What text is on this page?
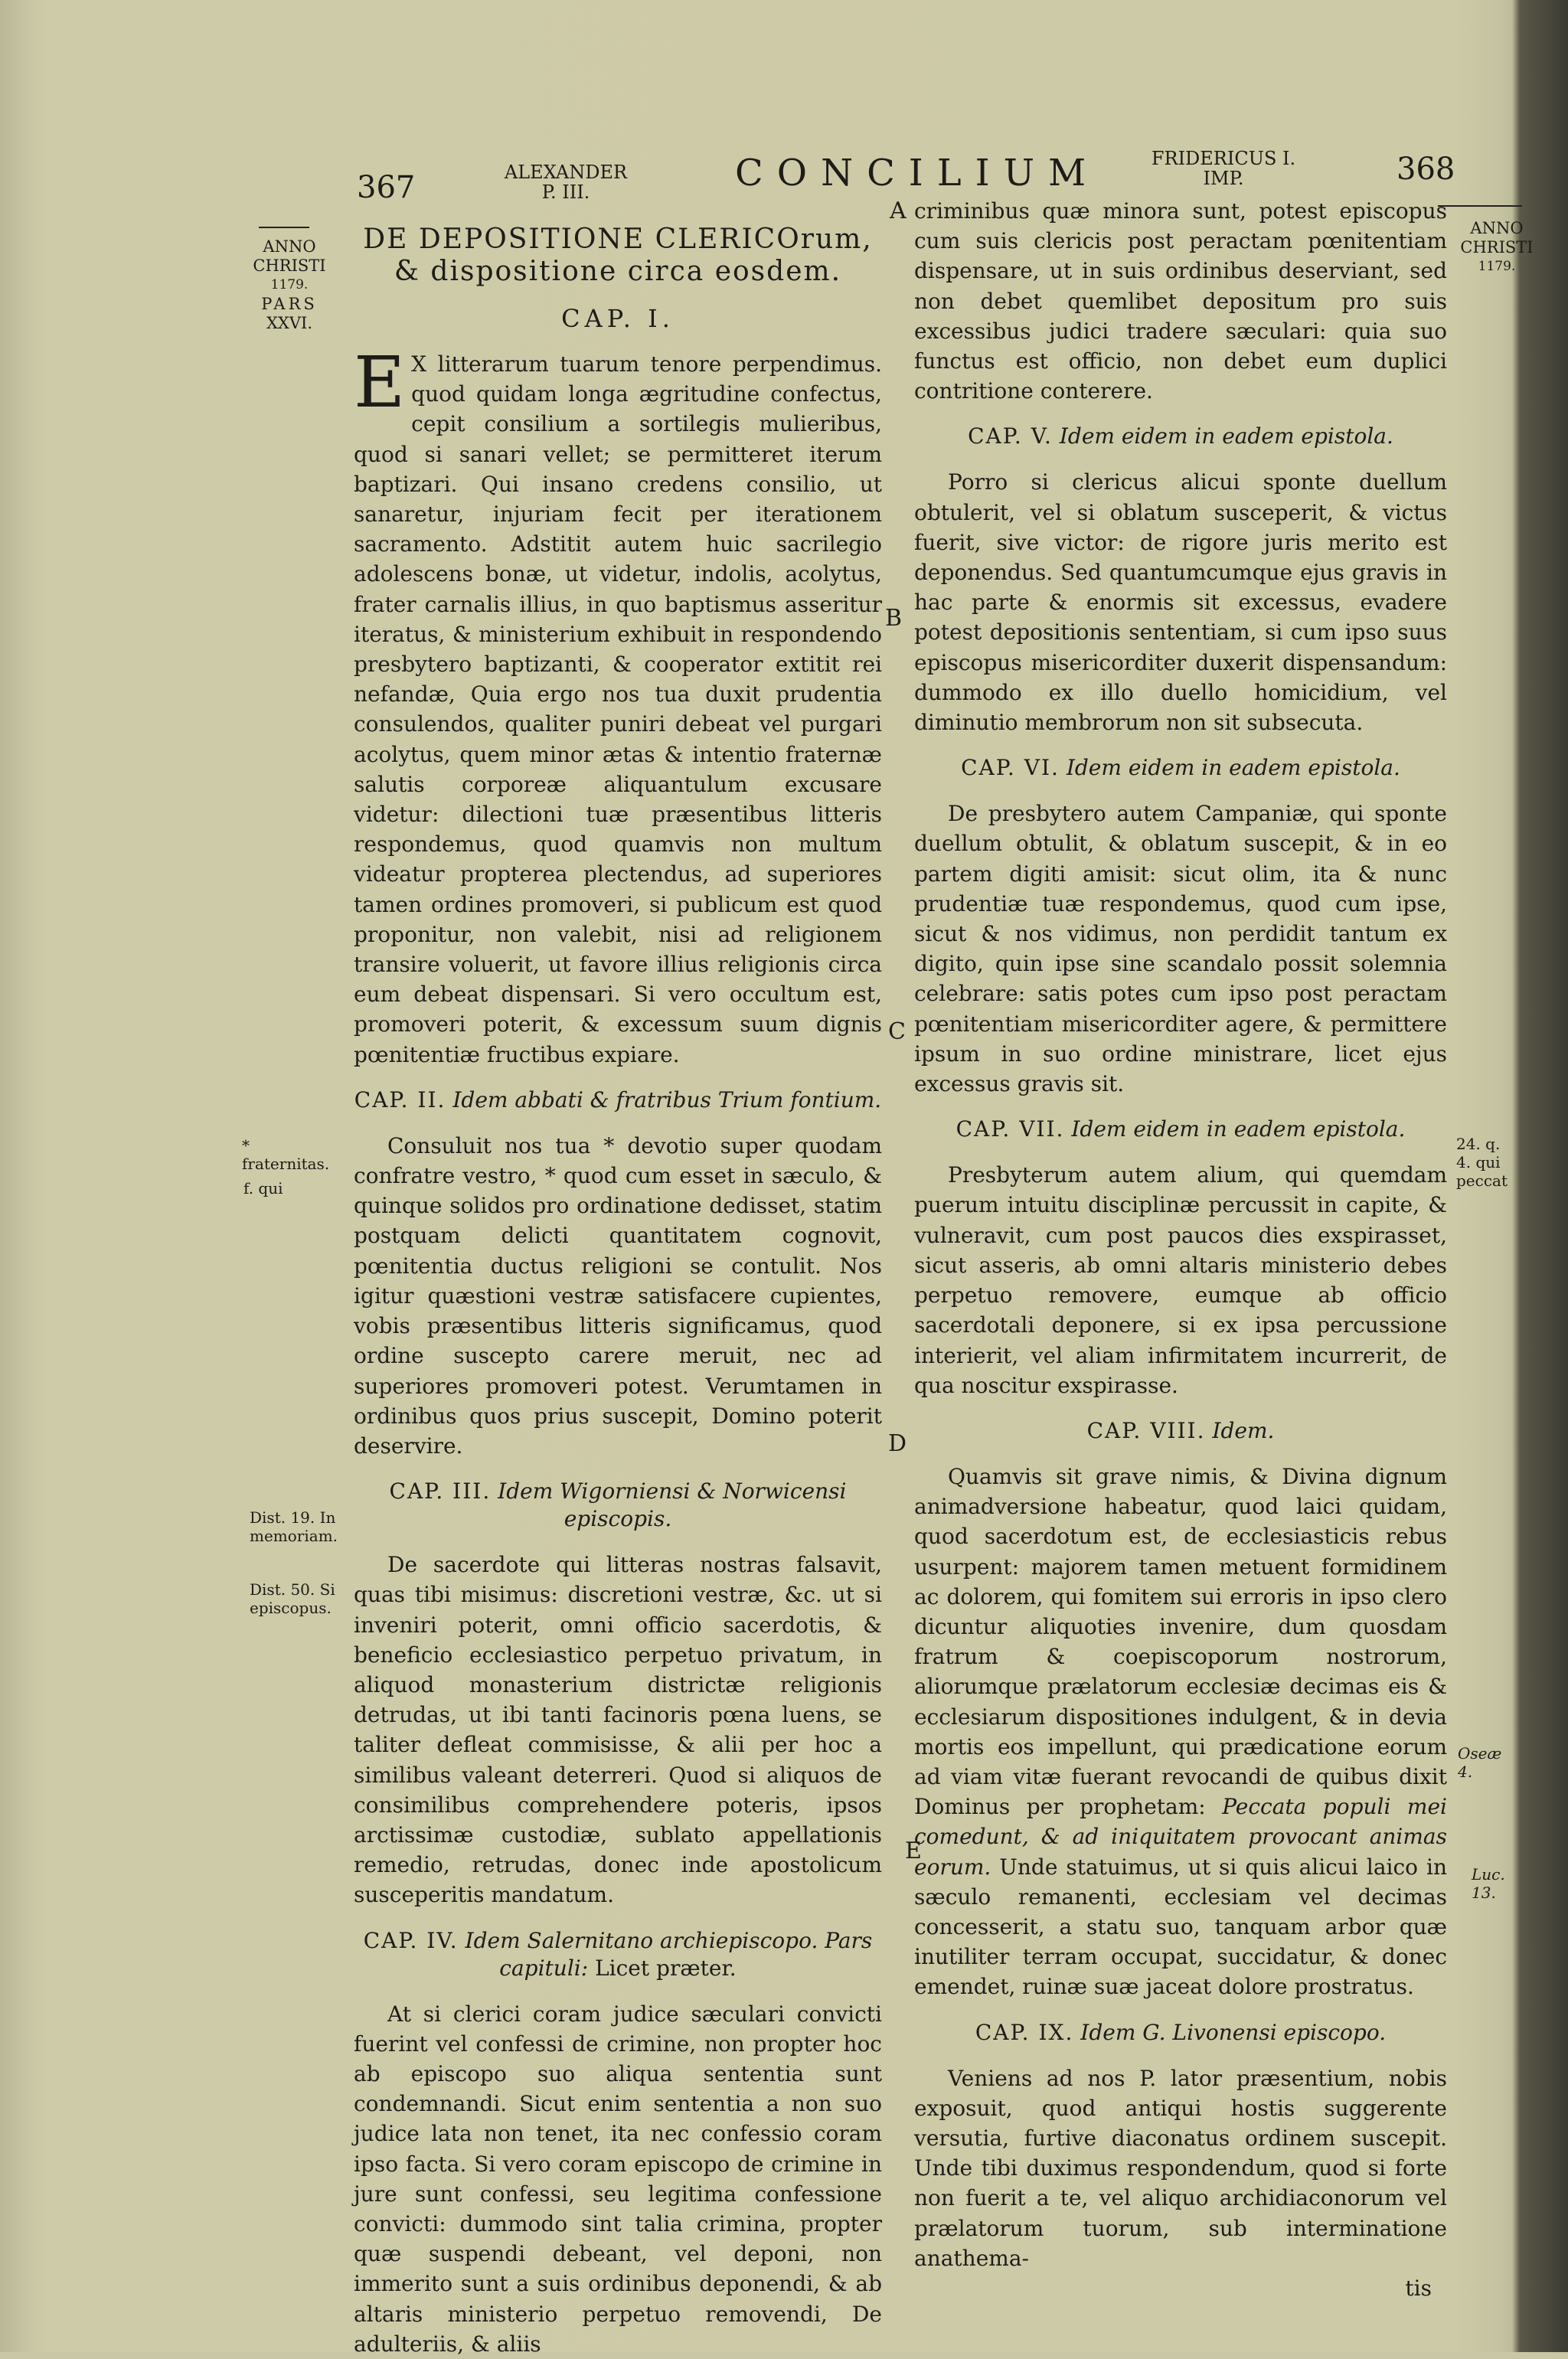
367	ALEXANDER
P. III.	CONCILIUM	FRIDERICUS I.
IMP.	368
ANNO
CHRISTI
1179.
PARS
XXVI.
ANNO
CHRISTI
1179.

DE DEPOSITIONE CLERICOrum, & dispositione circa eosdem.

CAP. I.

E X litterarum tuarum tenore perpendimus. quod quidam longa ægritudine confectus, cepit consilium a sortilegis mulieribus, quod si sanari vellet; se permitteret iterum baptizari. Qui insano credens consilio, ut sanaretur, injuriam fecit per iterationem sacramento. Adstitit autem huic sacrilegio adolescens bonæ, ut videtur, indolis, acolytus, frater carnalis illius, in quo baptismus asseritur iteratus, & ministerium exhibuit in respondendo presbytero baptizanti, & cooperator extitit rei nefandæ, Quia ergo nos tua duxit prudentia consulendos, qualiter puniri debeat vel purgari acolytus, quem minor ætas & intentio fraternæ salutis corporeæ aliquantulum excusare videtur: dilectioni tuæ præsentibus litteris respondemus, quod quamvis non multum videatur propterea plectendus, ad superiores tamen ordines promoveri, si publicum est quod proponitur, non valebit, nisi ad religionem transire voluerit, ut favore illius religionis circa eum debeat dispensari. Si vero occultum est, promoveri poterit, & excessum suum dignis pœnitentiæ fructibus expiare.

CAP. II. Idem abbati & fratribus Trium fontium.

Consuluit nos tua * devotio super quodam confratre vestro, * quod cum esset in sæculo, & quinque solidos pro ordinatione dedisset, statim postquam delicti quantitatem cognovit, pœnitentia ductus religioni se contulit. Nos igitur quæstioni vestræ satisfacere cupientes, vobis præsentibus litteris significamus, quod ordine suscepto carere meruit, nec ad superiores promoveri potest. Verumtamen in ordinibus quos prius suscepit, Domino poterit deservire.

CAP. III. Idem Wigorniensi & Norwicensi episcopis.

De sacerdote qui litteras nostras falsavit, quas tibi misimus: discretioni vestræ, &c. ut si inveniri poterit, omni officio sacerdotis, & beneficio ecclesiastico perpetuo privatum, in aliquod monasterium districtæ religionis detrudas, ut ibi tanti facinoris pœna luens, se taliter defleat commisisse, & alii per hoc a similibus valeant deterreri. Quod si aliquos de consimilibus comprehendere poteris, ipsos arctissimæ custodiæ, sublato appellationis remedio, retrudas, donec inde apostolicum susceperitis mandatum.

CAP. IV. Idem Salernitano archiepiscopo. Pars capituli: Licet præter.

At si clerici coram judice sæculari convicti fuerint vel confessi de crimine, non propter hoc ab episcopo suo aliqua sententia sunt condemnandi. Sicut enim sententia a non suo judice lata non tenet, ita nec confessio coram ipso facta. Si vero coram episcopo de crimine in jure sunt confessi, seu legitima confessione convicti: dummodo sint talia crimina, propter quæ suspendi debeant, vel deponi, non immerito sunt a suis ordinibus deponendi, & ab altaris ministerio perpetuo removendi, De adulteriis, & aliis

* fraternitas.
f. qui
Dist. 19. In memoriam.
Dist. 50. Si episcopus.
A
B
C
D
E

criminibus quæ minora sunt, potest episcopus cum suis clericis post peractam pœnitentiam dispensare, ut in suis ordinibus deserviant, sed non debet quemlibet depositum pro suis excessibus judici tradere sæculari: quia suo functus est officio, non debet eum duplici contritione conterere.

CAP. V. Idem eidem in eadem epistola.

Porro si clericus alicui sponte duellum obtulerit, vel si oblatum susceperit, & victus fuerit, sive victor: de rigore juris merito est deponendus. Sed quantumcumque ejus gravis in hac parte & enormis sit excessus, evadere potest depositionis sententiam, si cum ipso suus episcopus misericorditer duxerit dispensandum: dummodo ex illo duello homicidium, vel diminutio membrorum non sit subsecuta.

CAP. VI. Idem eidem in eadem epistola.

De presbytero autem Campaniæ, qui sponte duellum obtulit, & oblatum suscepit, & in eo partem digiti amisit: sicut olim, ita & nunc prudentiæ tuæ respondemus, quod cum ipse, sicut & nos vidimus, non perdidit tantum ex digito, quin ipse sine scandalo possit solemnia celebrare: satis potes cum ipso post peractam pœnitentiam misericorditer agere, & permittere ipsum in suo ordine ministrare, licet ejus excessus gravis sit.

CAP. VII. Idem eidem in eadem epistola.

Presbyterum autem alium, qui quemdam puerum intuitu disciplinæ percussit in capite, & vulneravit, cum post paucos dies exspirasset, sicut asseris, ab omni altaris ministerio debes perpetuo removere, eumque ab officio sacerdotali deponere, si ex ipsa percussione interierit, vel aliam infirmitatem incurrerit, de qua noscitur exspirasse.

CAP. VIII. Idem.

Quamvis sit grave nimis, & Divina dignum animadversione habeatur, quod laici quidam, quod sacerdotum est, de ecclesiasticis rebus usurpent: majorem tamen metuent formidinem ac dolorem, qui fomitem sui erroris in ipso clero dicuntur aliquoties invenire, dum quosdam fratrum & coepiscoporum nostrorum, aliorumque prælatorum ecclesiæ decimas eis & ecclesiarum dispositiones indulgent, & in devia mortis eos impellunt, qui prædicatione eorum ad viam vitæ fuerant revocandi de quibus dixit Dominus per prophetam: Peccata populi mei comedunt, & ad iniquitatem provocant animas eorum. Unde statuimus, ut si quis alicui laico in sæculo remanenti, ecclesiam vel decimas concesserit, a statu suo, tanquam arbor quæ inutiliter terram occupat, succidatur, & donec emendet, ruinæ suæ jaceat dolore prostratus.

CAP. IX. Idem G. Livonensi episcopo.

Veniens ad nos P. lator præsentium, nobis exposuit, quod antiqui hostis suggerente versutia, furtive diaconatus ordinem suscepit. Unde tibi duximus respondendum, quod si forte non fuerit a te, vel aliquo archidiaconorum vel prælatorum tuorum, sub interminatione anathema-

tis

24. q. 4. qui peccat
Oseæ 4.
Luc. 13.
